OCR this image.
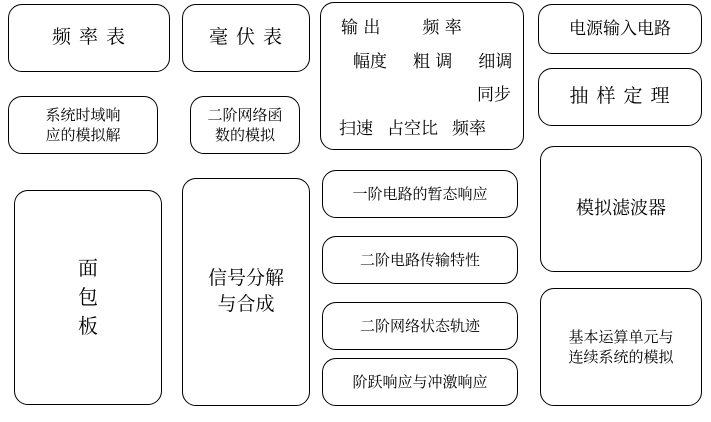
频 率 表
系统时域响
应的模拟解
面
包
板
毫 伏 表
二阶网络函
数的模拟
信号分解
与合成
输 出 频 率
幅度 粗 调 细调
同步
扫速 占空比 频率
一阶电路的暂态响应
二阶电路传输特性
二阶网络状态轨迹
阶跃响应与冲激响应
电源输入电路
抽 样 定 理
模拟滤波器
基本运算单元与
连续系统的模拟
